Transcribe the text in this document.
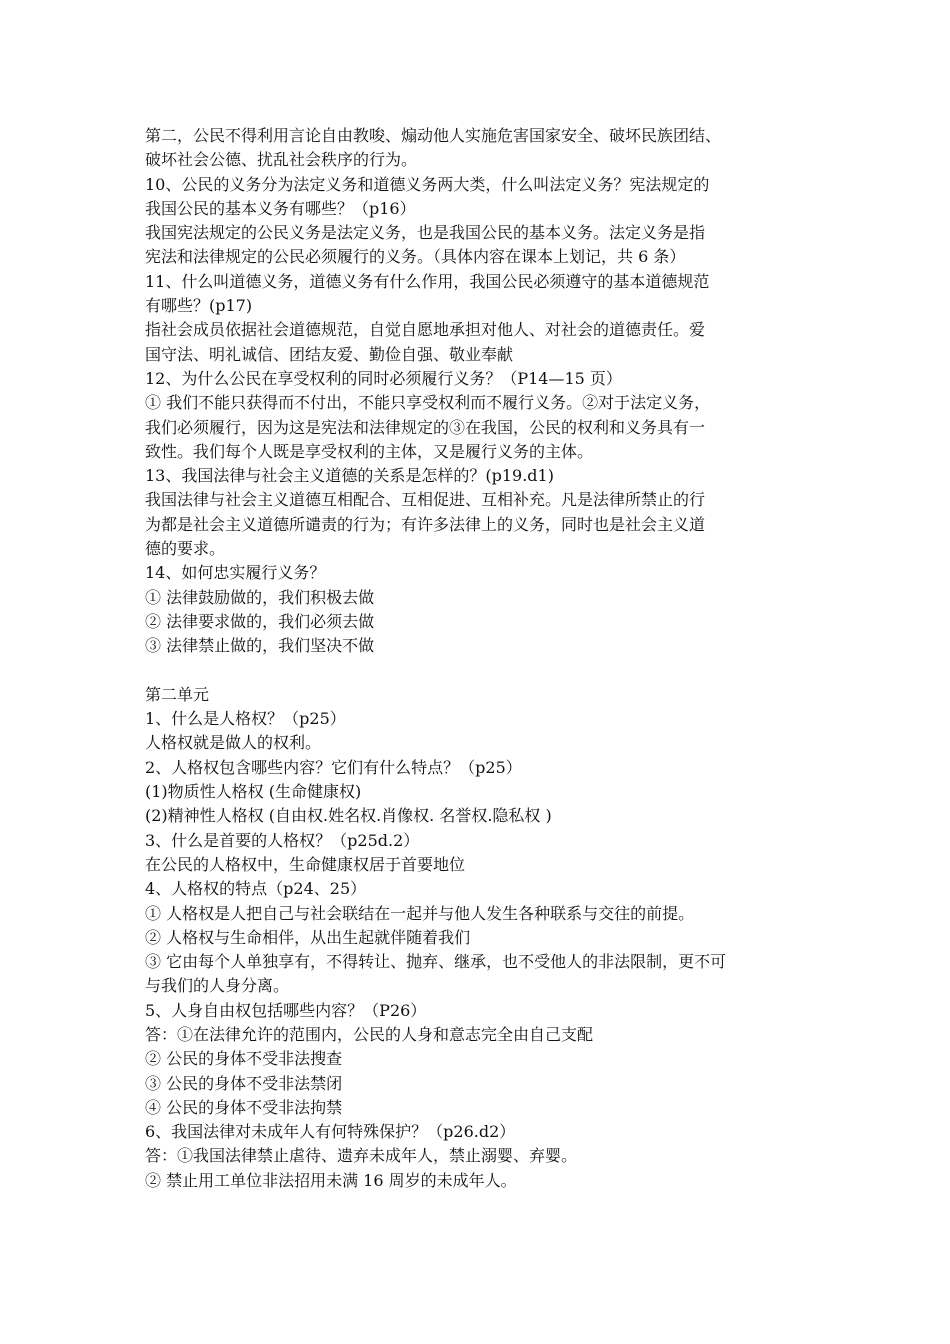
第二，公民不得利用言论自由教唆、煽动他人实施危害国家安全、破坏民族团结、
破坏社会公德、扰乱社会秩序的行为。
10、公民的义务分为法定义务和道德义务两大类，什么叫法定义务？宪法规定的
我国公民的基本义务有哪些？（p16）
我国宪法规定的公民义务是法定义务，也是我国公民的基本义务。法定义务是指
宪法和法律规定的公民必须履行的义务。（具体内容在课本上划记，共 6 条）
11、什么叫道德义务，道德义务有什么作用，我国公民必须遵守的基本道德规范
有哪些？(p17)
指社会成员依据社会道德规范，自觉自愿地承担对他人、对社会的道德责任。爱
国守法、明礼诚信、团结友爱、勤俭自强、敬业奉献
12、为什么公民在享受权利的同时必须履行义务？（P14—15 页）
① 我们不能只获得而不付出，不能只享受权利而不履行义务。②对于法定义务，
我们必须履行，因为这是宪法和法律规定的③在我国，公民的权利和义务具有一
致性。我们每个人既是享受权利的主体，又是履行义务的主体。
13、我国法律与社会主义道德的关系是怎样的？(p19.d1)
我国法律与社会主义道德互相配合、互相促进、互相补充。凡是法律所禁止的行
为都是社会主义道德所谴责的行为；有许多法律上的义务，同时也是社会主义道
德的要求。
14、如何忠实履行义务？
① 法律鼓励做的，我们积极去做
② 法律要求做的，我们必须去做
③ 法律禁止做的，我们坚决不做
第二单元
1、什么是人格权？（p25）
人格权就是做人的权利。
2、人格权包含哪些内容？它们有什么特点？（p25）
(1)物质性人格权 (生命健康权)
(2)精神性人格权 (自由权.姓名权.肖像权. 名誉权.隐私权 )
3、什么是首要的人格权？（p25d.2）
在公民的人格权中，生命健康权居于首要地位
4、人格权的特点（p24、25）
① 人格权是人把自己与社会联结在一起并与他人发生各种联系与交往的前提。
② 人格权与生命相伴，从出生起就伴随着我们
③ 它由每个人单独享有，不得转让、抛弃、继承，也不受他人的非法限制，更不可
与我们的人身分离。
5、人身自由权包括哪些内容？（P26）
答：①在法律允许的范围内，公民的人身和意志完全由自己支配
② 公民的身体不受非法搜查
③ 公民的身体不受非法禁闭
④ 公民的身体不受非法拘禁
6、我国法律对未成年人有何特殊保护？（p26.d2）
答：①我国法律禁止虐待、遗弃未成年人，禁止溺婴、弃婴。
② 禁止用工单位非法招用未满 16 周岁的未成年人。
